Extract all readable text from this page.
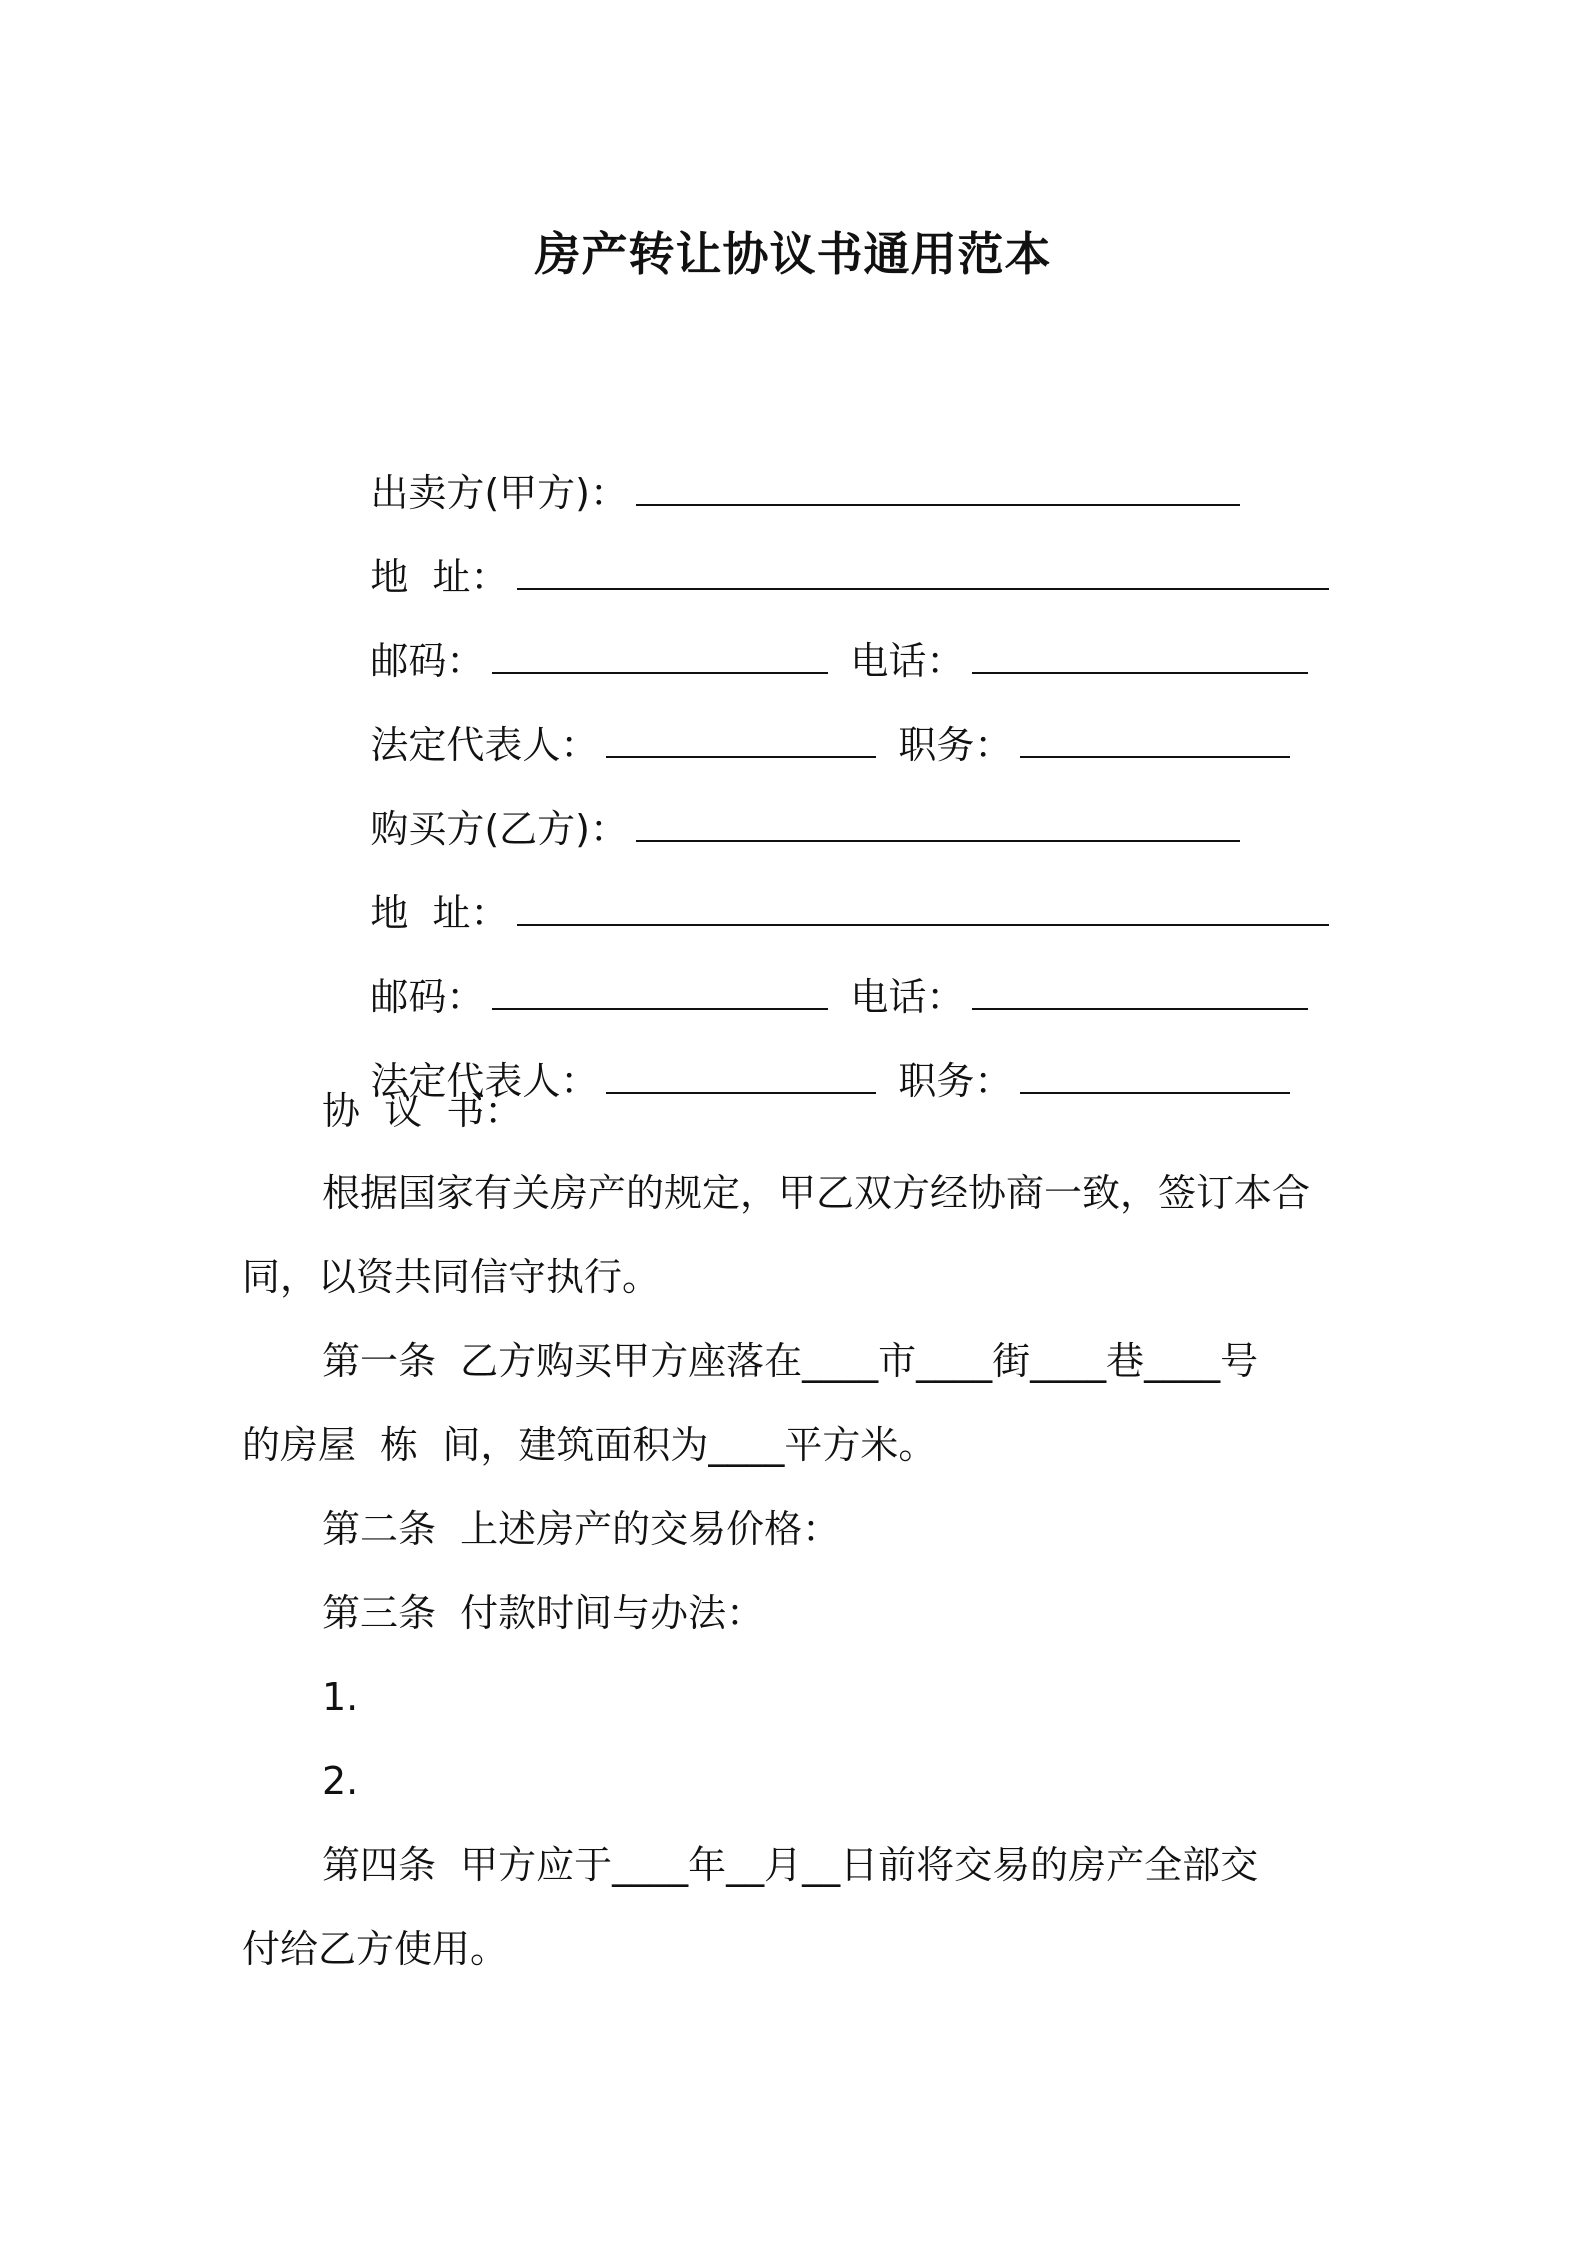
房产转让协议书通用范本

出卖方(甲方)：

地  址：

邮码：	电话：

法定代表人：	职务：

购买方(乙方)：

地  址：

邮码：	电话：

法定代表人：	职务：

协  议  书：
根据国家有关房产的规定，甲乙双方经协商一致，签订本合
同，以资共同信守执行。
第一条  乙方购买甲方座落在____市____街____巷____号
的房屋  栋  间，建筑面积为____平方米。
第二条  上述房产的交易价格：
第三条  付款时间与办法：
1.
2.
第四条  甲方应于____年__月__日前将交易的房产全部交
付给乙方使用。
